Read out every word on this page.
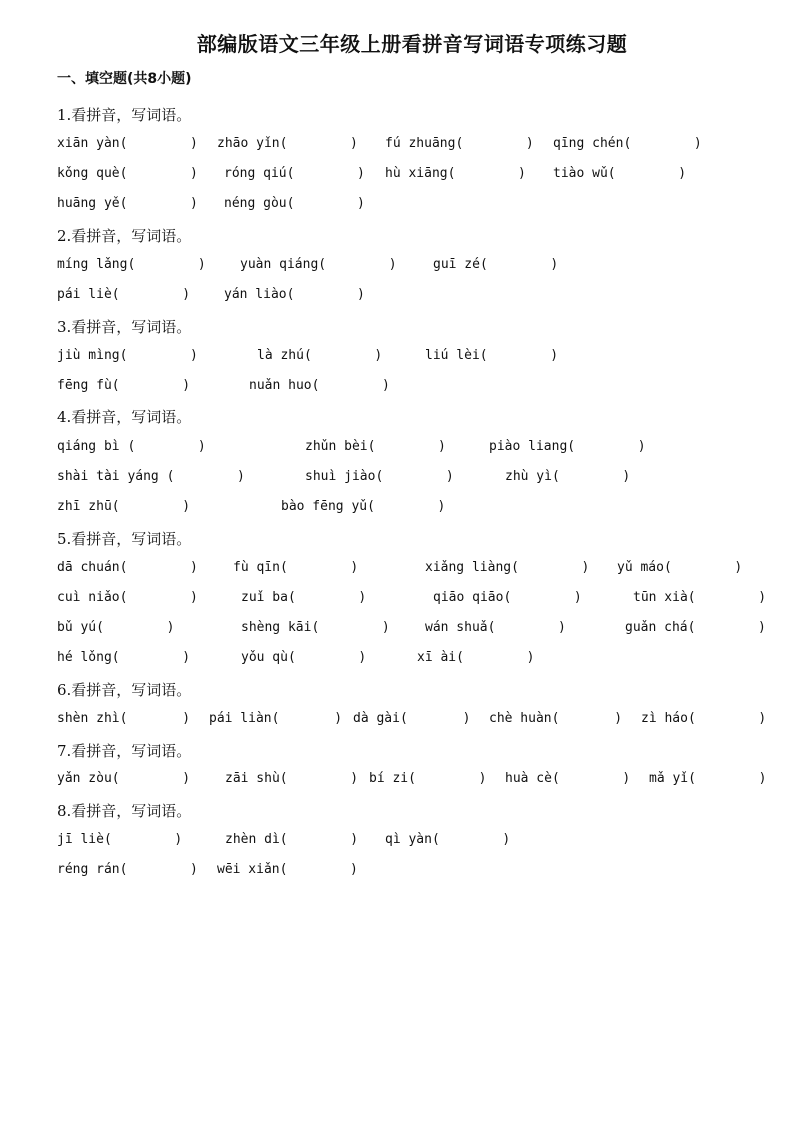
部编版语文三年级上册看拼音写词语专项练习题
一、填空题(共8小题)
1.看拼音，写词语。
xiān yàn(        ) zhāo yǐn(        ) fú zhuāng(        ) qīng chén(        )
kǒng què(        ) róng qiú(        ) hù xiāng(        ) tiào wǔ(        )
huāng yě(        ) néng gòu(        )
2.看拼音，写词语。
míng lǎng(        )	yuàn qiáng(        )	guī zé(        )
pái liè(        )	yán liào(        )
3.看拼音，写词语。
jiù mìng(        )	là zhú(        )	liú lèi(        )
fēng fù(        )	nuǎn huo(        )
4.看拼音，写词语。
qiáng bì (        )	zhǔn bèi(        )	piào liang(        )
shài tài yáng (        )	shuì jiào(        )	zhù yì(        )
zhī zhū(        )	bào fēng yǔ(        )
5.看拼音，写词语。
dā chuán(        )	fù qīn(        )	xiǎng liàng(        ) yǔ máo(        )
cuì niǎo(        )	zuǐ ba(        )	qiāo qiāo(        )	tūn xià(        )
bǔ yú(        )	shèng kāi(        )	wán shuǎ(        )	guǎn chá(        )
hé lǒng(        )	yǒu qù(        )	xī ài(        )
6.看拼音，写词语。
shèn zhì(       ) pái liàn(       ) dà gài(       ) chè huàn(       ) zì háo(        )
7.看拼音，写词语。
yǎn zòu(        )	zāi shù(        ) bí zi(        ) huà cè(        ) mǎ yǐ(        )
8.看拼音，写词语。
jī liè(        )	zhèn dì(        ) qì yàn(        )
réng rán(        ) wēi xiǎn(        )
